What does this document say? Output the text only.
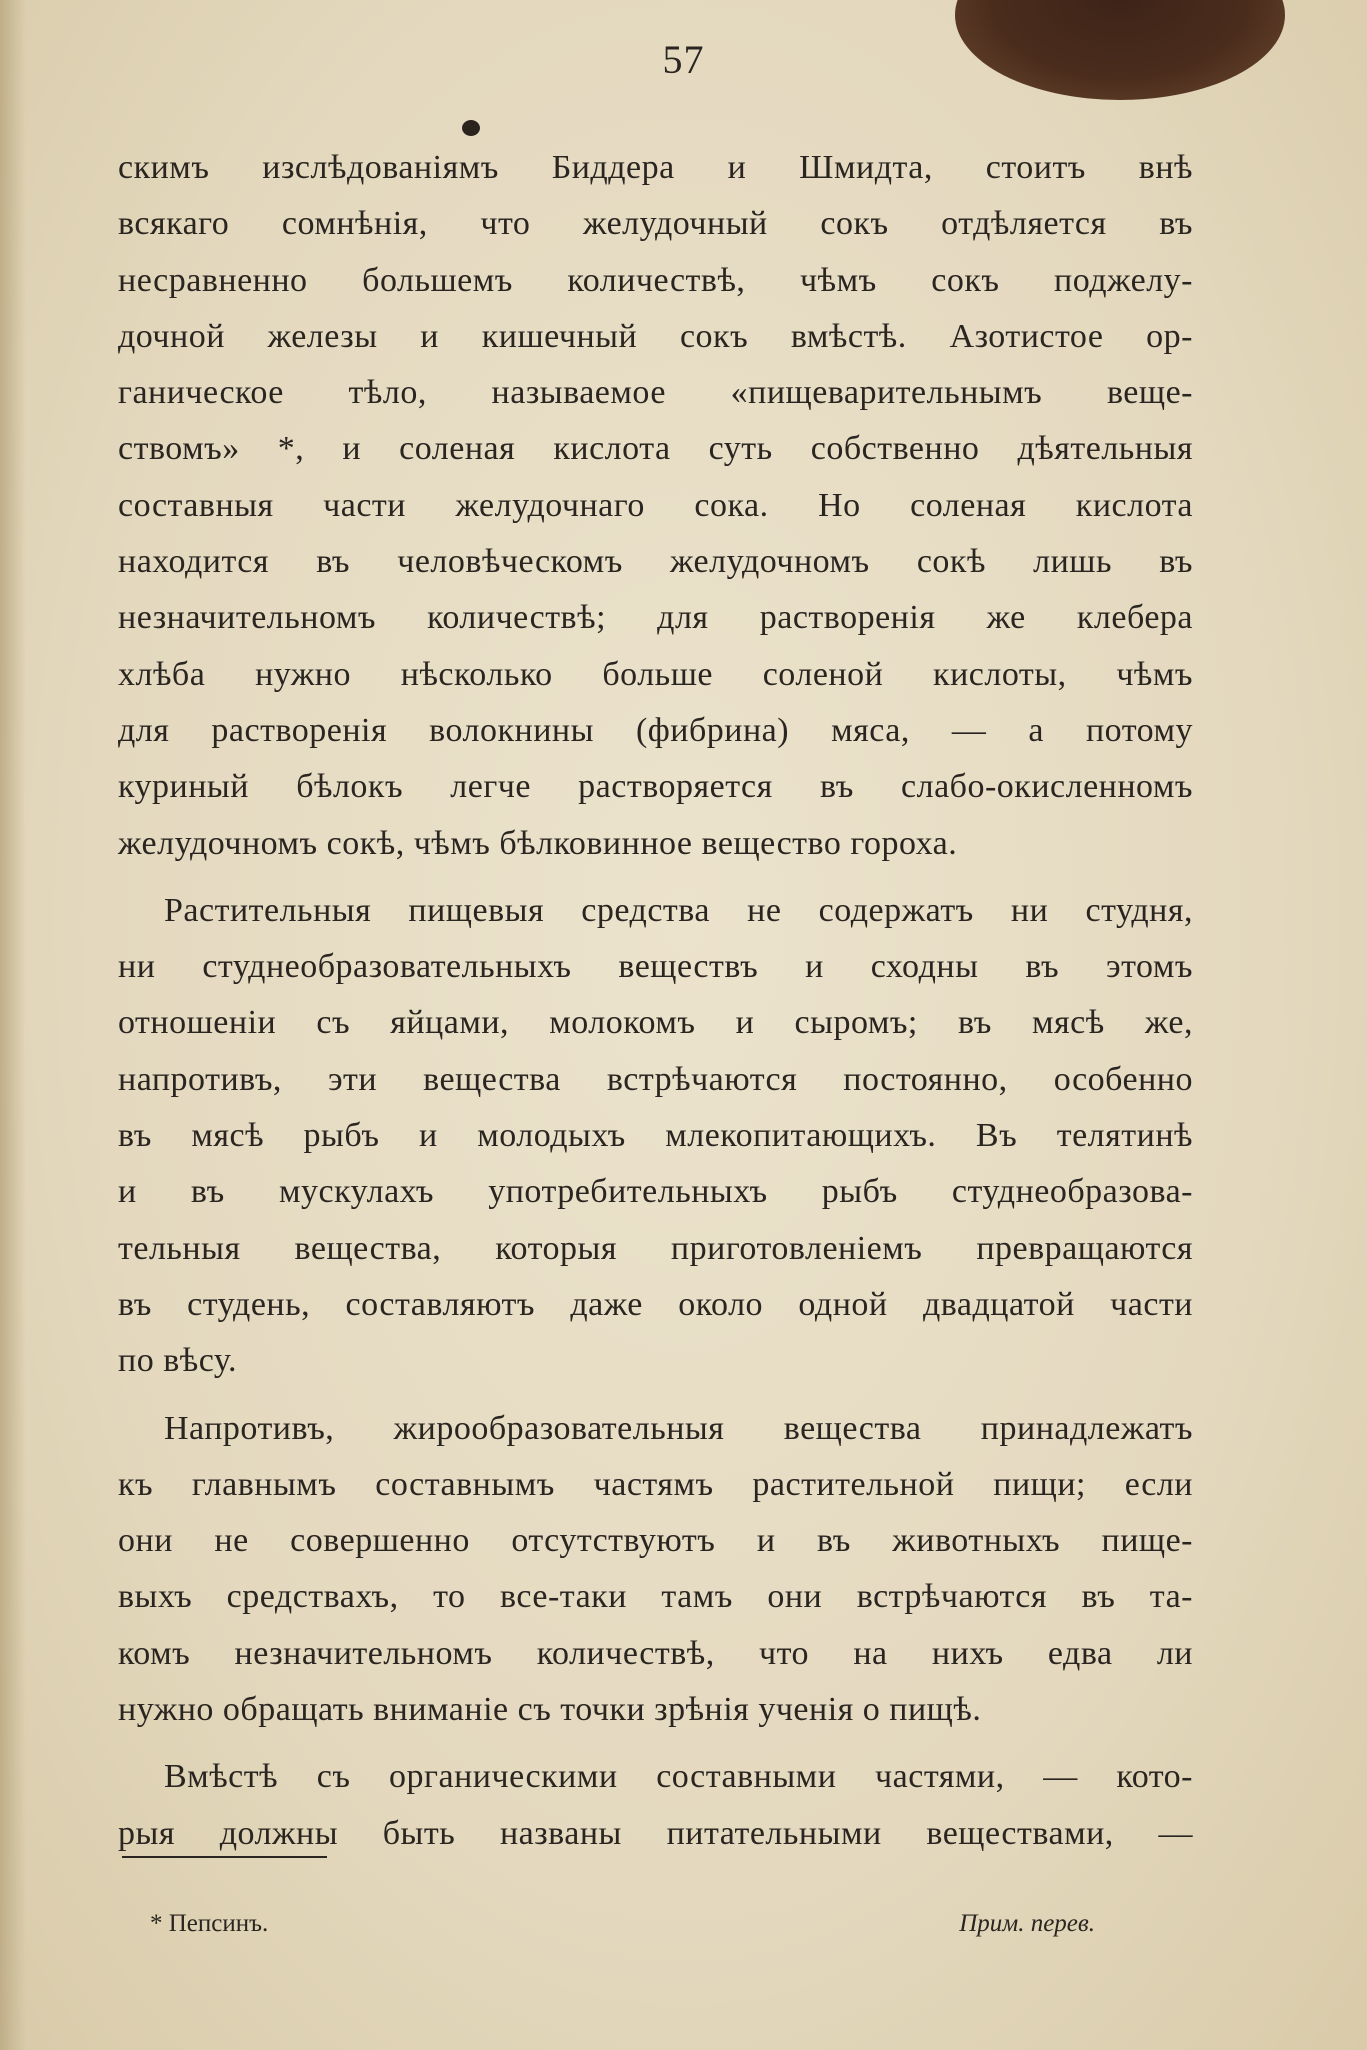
57
скимъ изслѣдованіямъ Биддера и Шмидта, стоитъ внѣ
всякаго сомнѣнія, что желудочный сокъ отдѣляется въ
несравненно большемъ количествѣ, чѣмъ сокъ поджелу-
дочной железы и кишечный сокъ вмѣстѣ. Азотистое ор-
ганическое тѣло, называемое «пищеварительнымъ веще-
ствомъ» *, и соленая кислота суть собственно дѣятельныя
составныя части желудочнаго сока. Но соленая кислота
находится въ человѣческомъ желудочномъ сокѣ лишь въ
незначительномъ количествѣ; для растворенія же клебера
хлѣба нужно нѣсколько больше соленой кислоты, чѣмъ
для растворенія волокнины (фибрина) мяса, — а потому
куриный бѣлокъ легче растворяется въ слабо-окисленномъ
желудочномъ сокѣ, чѣмъ бѣлковинное вещество гороха.
Растительныя пищевыя средства не содержатъ ни студня,
ни студнеобразовательныхъ веществъ и сходны въ этомъ
отношеніи съ яйцами, молокомъ и сыромъ; въ мясѣ же,
напротивъ, эти вещества встрѣчаются постоянно, особенно
въ мясѣ рыбъ и молодыхъ млекопитающихъ. Въ телятинѣ
и въ мускулахъ употребительныхъ рыбъ студнеобразова-
тельныя вещества, которыя приготовленіемъ превращаются
въ студень, составляютъ даже около одной двадцатой части
по вѣсу.
Напротивъ, жирообразовательныя вещества принадлежатъ
къ главнымъ составнымъ частямъ растительной пищи; если
они не совершенно отсутствуютъ и въ животныхъ пище-
выхъ средствахъ, то все-таки тамъ они встрѣчаются въ та-
комъ незначительномъ количествѣ, что на нихъ едва ли
нужно обращать вниманіе съ точки зрѣнія ученія о пищѣ.
Вмѣстѣ съ органическими составными частями, — кото-
рыя должны быть названы питательными веществами, —
* Пепсинъ.	Прим. перев.
